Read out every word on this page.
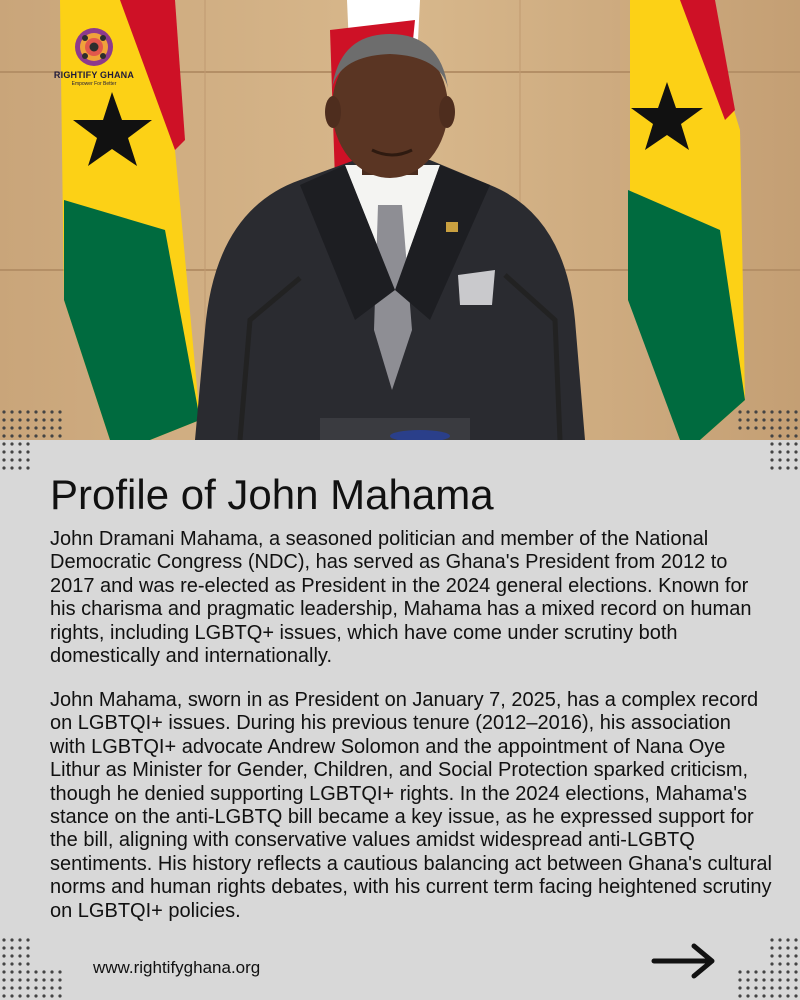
RIGHTIFY GHANA
Empower For Better
Profile of John Mahama

John Dramani Mahama, a seasoned politician and member of the National Democratic Congress (NDC), has served as Ghana's President from 2012 to 2017 and was re-elected as President in the 2024 general elections. Known for his charisma and pragmatic leadership, Mahama has a mixed record on human rights, including LGBTQ+ issues, which have come under scrutiny both domestically and internationally.

John Mahama, sworn in as President on January 7, 2025, has a complex record on LGBTQI+ issues. During his previous tenure (2012–2016), his association with LGBTQI+ advocate Andrew Solomon and the appointment of Nana Oye Lithur as Minister for Gender, Children, and Social Protection sparked criticism, though he denied supporting LGBTQI+ rights. In the 2024 elections, Mahama's stance on the anti-LGBTQ bill became a key issue, as he expressed support for the bill, aligning with conservative values amidst widespread anti-LGBTQ sentiments. His history reflects a cautious balancing act between Ghana's cultural norms and human rights debates, with his current term facing heightened scrutiny on LGBTQI+ policies.

www.rightifyghana.org
